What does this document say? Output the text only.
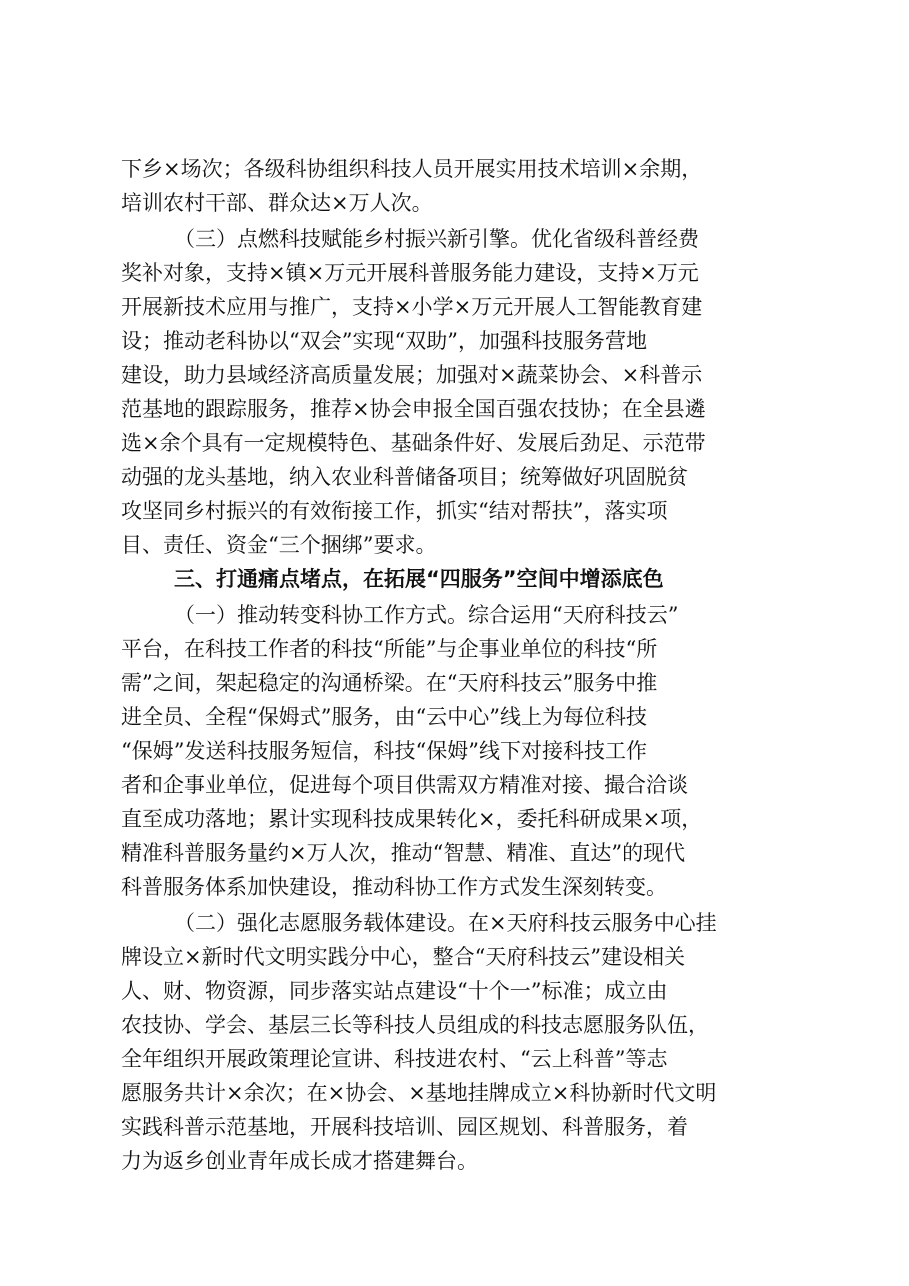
下乡×场次；各级科协组织科技人员开展实用技术培训×余期，
培训农村干部、群众达×万人次。
（三）点燃科技赋能乡村振兴新引擎。优化省级科普经费
奖补对象，支持×镇×万元开展科普服务能力建设，支持×万元
开展新技术应用与推广，支持×小学×万元开展人工智能教育建
设；推动老科协以“双会”实现“双助”，加强科技服务营地
建设，助力县域经济高质量发展；加强对×蔬菜协会、×科普示
范基地的跟踪服务，推荐×协会申报全国百强农技协；在全县遴
选×余个具有一定规模特色、基础条件好、发展后劲足、示范带
动强的龙头基地，纳入农业科普储备项目；统筹做好巩固脱贫
攻坚同乡村振兴的有效衔接工作，抓实“结对帮扶”，落实项
目、责任、资金“三个捆绑”要求。
三、打通痛点堵点，在拓展“四服务”空间中增添底色
（一）推动转变科协工作方式。综合运用“天府科技云”
平台，在科技工作者的科技“所能”与企事业单位的科技“所
需”之间，架起稳定的沟通桥梁。在“天府科技云”服务中推
进全员、全程“保姆式”服务，由“云中心”线上为每位科技
“保姆”发送科技服务短信，科技“保姆”线下对接科技工作
者和企事业单位，促进每个项目供需双方精准对接、撮合洽谈
直至成功落地；累计实现科技成果转化×，委托科研成果×项，
精准科普服务量约×万人次，推动“智慧、精准、直达”的现代
科普服务体系加快建设，推动科协工作方式发生深刻转变。
（二）强化志愿服务载体建设。在×天府科技云服务中心挂
牌设立×新时代文明实践分中心，整合“天府科技云”建设相关
人、财、物资源，同步落实站点建设“十个一”标准；成立由
农技协、学会、基层三长等科技人员组成的科技志愿服务队伍，
全年组织开展政策理论宣讲、科技进农村、“云上科普”等志
愿服务共计×余次；在×协会、×基地挂牌成立×科协新时代文明
实践科普示范基地，开展科技培训、园区规划、科普服务，着
力为返乡创业青年成长成才搭建舞台。
